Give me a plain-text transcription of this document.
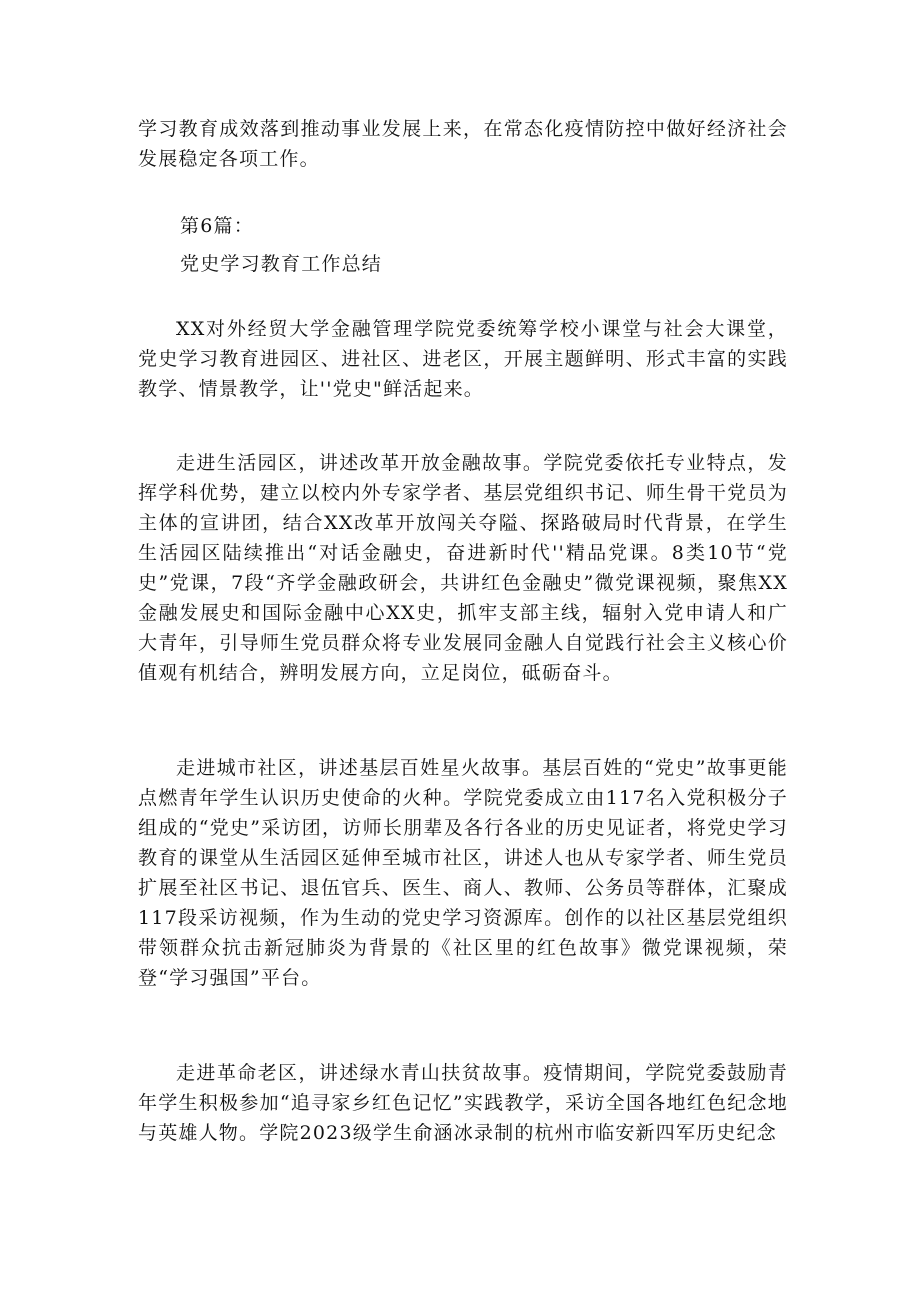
学习教育成效落到推动事业发展上来，在常态化疫情防控中做好经济社会发展稳定各项工作。

第6篇：

党史学习教育工作总结

XX对外经贸大学金融管理学院党委统筹学校小课堂与社会大课堂，党史学习教育进园区、进社区、进老区，开展主题鲜明、形式丰富的实践教学、情景教学，让''党史"鲜活起来。

走进生活园区，讲述改革开放金融故事。学院党委依托专业特点，发挥学科优势，建立以校内外专家学者、基层党组织书记、师生骨干党员为主体的宣讲团，结合XX改革开放闯关夺隘、探路破局时代背景，在学生生活园区陆续推出“对话金融史，奋进新时代''精品党课。8类10节“党史”党课，7段“齐学金融政研会，共讲红色金融史”微党课视频，聚焦XX金融发展史和国际金融中心XX史，抓牢支部主线，辐射入党申请人和广大青年，引导师生党员群众将专业发展同金融人自觉践行社会主义核心价值观有机结合，辨明发展方向，立足岗位，砥砺奋斗。

走进城市社区，讲述基层百姓星火故事。基层百姓的“党史”故事更能点燃青年学生认识历史使命的火种。学院党委成立由117名入党积极分子组成的“党史”采访团，访师长朋辈及各行各业的历史见证者，将党史学习教育的课堂从生活园区延伸至城市社区，讲述人也从专家学者、师生党员扩展至社区书记、退伍官兵、医生、商人、教师、公务员等群体，汇聚成117段采访视频，作为生动的党史学习资源库。创作的以社区基层党组织带领群众抗击新冠肺炎为背景的《社区里的红色故事》微党课视频，荣登“学习强国”平台。

走进革命老区，讲述绿水青山扶贫故事。疫情期间，学院党委鼓励青年学生积极参加“追寻家乡红色记忆”实践教学，采访全国各地红色纪念地与英雄人物。学院2023级学生俞涵冰录制的杭州市临安新四军历史纪念
